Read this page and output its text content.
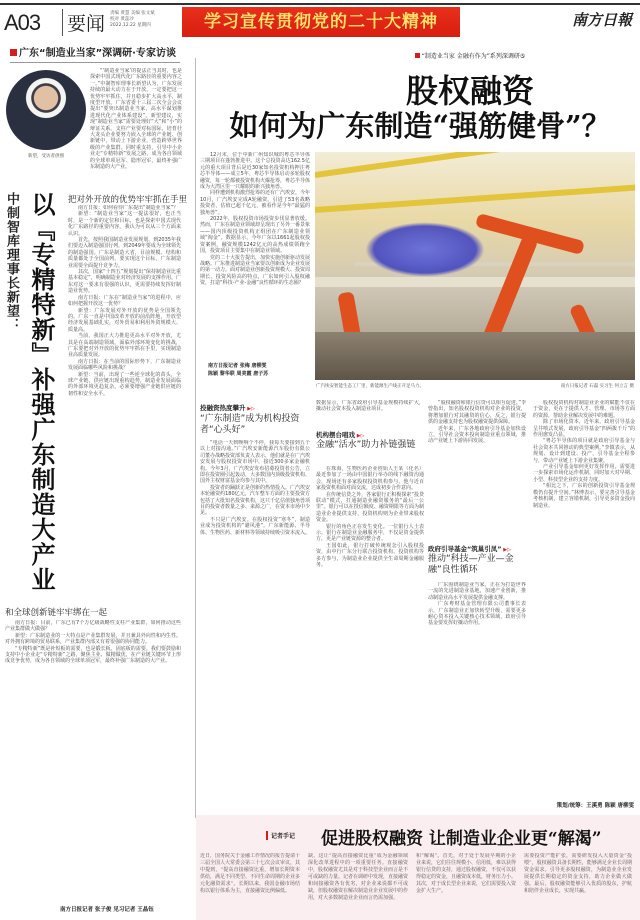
A03 要闻 责编 黄慧 美编 张文斌
校对 黄蕊沙
2022.12.22 星期四	学习宣传贯彻党的二十大精神	南方日報
广东“制造业当家”深调研·专家访谈
新望，受访者供图
“‘制造业当家’的提法正当其时，也是探索中国式现代化广东路径的重要内容之一。”中制智库理事长新望认为，广东发展持续的最大动力在于开放，一定要把这一优势牢牢抓住，并且稳步扩大高水平，制度型开放。广东省委十三届二次全会会议提出“要突出制造业当家，高水平谋划推进现代化产业体系建设”。新望建议，实现“制造业当家”需要处理好“大”和“小”的辩证关系。支柱产业要对标国际，培育壮大龙头企业要努力嵌入全球的产业链、创新链中，带动上下游企业，营造跨界世界级的产业集群。同时重支持，引导中小企业走“专精特新”发展之路，成为各自领域的全球单项冠军、隐形冠军，最终补强广东制造的大产业。
中制智库理事长新望： 以『专精特新』补强广东制造大产业 把对外开放的优势牢牢抓在手里

南方日报：如何看待广东提出“制造业当家”？

新望：“制造业当家”这一提法很好，也正当时，是一个新的定位和目标，也是探索中国式现代化广东路径的重要内容。我认为可以从三个方面来认识。

首先，按照我国制造业发展规划，到2035年我们要迈入制造强国行列，到2049年要成为全球领先的制造强国。广东是制造大省，目前规模、结构和质量都处于全国前列，要实现这个目标，广东制造业需要全面提升竞争力。

其次，国家“十四五”规划提出“保持制造业比重基本稳定”，明确制造业对经济发展的支撑作用。广东对这一要求有很强的认识，更需要持续发挥好制造业优势。

南方日报：广东在“制造业当家”的进程中，应如何把握开放这一优势？

新望：广东发展对外开放的优势是全国领先的。广东一直是中国改革开放的前沿阵地，开放型经济发展基础扎实，对外贸易和利用外资规模大、质量高。

当前，我国正大力推进更高水平对外开放，尤其是在高端制造领域，面临外部环境变化的挑战，广东要把对外开放的优势牢牢抓在手里，实现制造业高质量发展。

南方日报：在当前的国际形势下，广东制造业发展面临哪些风险和挑战？

新望：当前，出现了一些逆全球化的苗头，全球产业链、供应链出现重构趋势，制造业发展面临的外部环境更趋复杂，必须要增强产业链供应链的韧性和安全水平。

和全球创新链牢牢绑在一起

南方日报：目前，广东已有7个万亿级战略性支柱产业集群，如何推动这些产业集群做大做强？

新望：广东制造业的一大特点是产业集群发展，并且兼具外向性和内生性。对外拥有跨境的贸易联系，产业集群内部又有着很强的协同能力。

“专精特新”既是补短板的需要，也是锻长板、固底板的需要。我们要鼓励和支持中小企业走“专精特新”之路，聚焦主业、做精做优，在产业链关键环节上形成竞争优势，成为各自领域的全球单项冠军，最终补强广东制造的大产业。

南方日报记者 张子俊 见习记者 王晶钰
“制造业当家 金融有作为”系列深调研⑤
股权融资
如何为广东制造“强筋健骨”？

12月末，位于中新广州知识城的粤芯半导体三期项目在蓬勃推进中。这个总投资高达162.5亿元的重大项目背后是近30家知名投资机构押注粤芯半导体——成立5年，粤芯半导体启动多轮股权融资，每一轮都被投资机构火爆抢筹，粤芯半导体成为大湾区里一只耀眼的新兴独角兽。

同样遭到机构激烈抢筹的还有广汽埃安。今年10月，广汽埃安完成A轮融资，引进了53名战略投资者，估值已超千亿元，被看作是今年“最猛的独角兽”。

2022年，股权投资市场投资步伐显著放缓。然而，广东在制造业领域却呈现出了另外一番景象——国内顶级投资机构正组团在广东制造业领域“淘金”。数据显示，今年广东以1661起股权投资案例，融资规模1242亿元的高热成绩领跑全国，投资项目主要集中在制造业领域。

党的二十大报告提出，加快实施创新驱动发展战略。广东推进制造业当家要以创新成为企业发展的第一动力。面对制造业创新投资规模大、投资周期长、投资风险高的特点，广东如何引入股权融资，打造“科技-产业-金融”良性循环的生态圈？

南方日报记者 张梅 唐柳雯
陈颖 黎华联 周美霞 唐子苏
广汽埃安智能生态工厂里，新能源生产线正开足马力。	南方日报记者 石磊 实习生 何立言 摄
投融资热度攀升 ▶▷
“广东制造”成为机构投资者“心头好”

“电话一天到晚响个不停，我每天要接到五个以上对接沟通。”广汽埃安新能源汽车股份有限公司董办战略投资部负责人表示，他们就是在广汽埃安发展与股权投资市场中，接近300多家金融机构。今年3月，广汽埃安发布招募投资者公告，立即在投资圈引起轰动，大多数国内顶级投资机构、国外主权财富基金均参与其中。

投资者的踊跃正是创新的热情投入。广汽埃安本轮融资约180亿元，汽车整车方面的主要投资方包括了大批知名投资机构，这只千亿估值独角兽项目的投资者数量之多、来源之广，在资本市场中少见。

不只是广汽埃安。在股权投资“寒冬”，制造业成为投资机构的“避风港”。广东新能源、半导体、生物医药、新材料等领域持续吸引资本流入。

数据显示，广东省政府引导基金规模持续扩大，撬动社会资本投入制造业项目。
机构摆台唱戏 ▶▷
金融“活水”助力补链强链

在珠海，生物医药企业创始人王某（化名）最近参加了一场由中国银行举办的线下融资沟通会，现场还有多家股权投资机构参与，他与近百家投资机构面对面交流，达成初步合作意向。

在传统信贷之外，各家银行正积极探索“投贷联动”模式，打通制造业融资服务的“最后一公里”。银行可以在授信额度、融资期限等方面为制造业企业提供支持，投资机构则为企业带来股权资金。

银行的角色正在发生变化。一位银行人士表示，银行在制造业金融服务中，不仅是资金提供方，更是产业链资源的整合者。

王国如此，银行打破传统观念引入股权投资，由中行广东分行联合投资机构、投资机构等多方参与，为制造业企业提供全生命周期金融服务。

“股权融资和银行信贷可以相互促进。”李曾指出，知名股权投资机构对企业的投资，将增加银行对其融资的信心，反之，银行提供的金融支持也为股权融资提供保障。

近年来，广东各地政府引导基金加快设立，引导社会资本投向制造业重点领域，推动产业链上下游协同发展。

政府引导基金“筑巢引凤” ▶▷
推动“科技—产业—金融”良性循环

广东围绕制造业当家，正在为打造世界一流的先进制造业基地，加速产业创新，推动制造业高水平发展提供金融支撑。

广东粤财基金管理有限公司董事长表示，广东制造业正加快转型升级，需要更多耐心资本投入关键核心技术领域，政府引导基金要发挥好撬动作用。

股权投资机构对制造业企业的赋能不仅在于资金，更在于提供人才、管理、市场等方面的资源，帮助企业解决发展中的难题。

除了市场化资本，近年来，政府引导基金呈井喷式发展，政府引导基金“四两拨千斤”的作用愈发凸显。

“粤芯半导体的项目就是政府引导基金与社会资本共同推动的典型案例。”李镇表示，从规划、设计到建设、投产，引导基金全程参与，带动产业链上下游企业集聚。

产业引导基金如何更好发挥作用，需要进一步探索市场化运作机制，同时加大对早期、小型、科技型企业的支持力度。

“相比之下，广东的创新投资引导基金规模仍有提升空间。”林博表示，要完善引导基金考核机制，建立容错机制，引导更多资金投向制造业。

策划/统筹：王溪勇 陈颖 唐柳雯
记者手记 促进股权融资 让制造业企业更“解渴”
近日，国务院关于金融工作情况的报告提请十三届全国人大常委会第三十七次会议审议，其中提到，“提高直接融资比重，增加长期资本供给，满足不同类型、不同生命周期的企业多元化融资需求”。长期以来，我国金融市场结构以银行体系为主，直接融资比例偏低。
缺，这让“提高直接融资比重”成为金融领域深化改革进程中的一项重要任务。直接融资中，股权融资尤其是对于科技型企业而言是不可或缺的力量。记者在调研中发现，直接融资和间接融资各有优劣，对企业来说都不可或缺，但股权融资在解决制造业企业发展中的作用，对大多数制造业企业而言仍需加强。
和“解渴”。首先，对于处于发展早期的小企业来说，它们往往规模小、信用低，难以获得银行信贷的支持，通过股权融资，不仅可以获得稳定的资金，且融资成本低，财务压力小。其次，对于成长型企业来说，它们需要投入资金扩大生产。
需要投资产能扩张，需要研发投入大量资金“投喂”，股权融资具备长期性，能够满足企业长周期资金需求。引导更多股权融资，为制造业企业发展提供长期稳定的资金支持，助力企业做大做强。最后，股权融资能够引入优质的股东，护航和陪伴企业成长，实现共赢。
